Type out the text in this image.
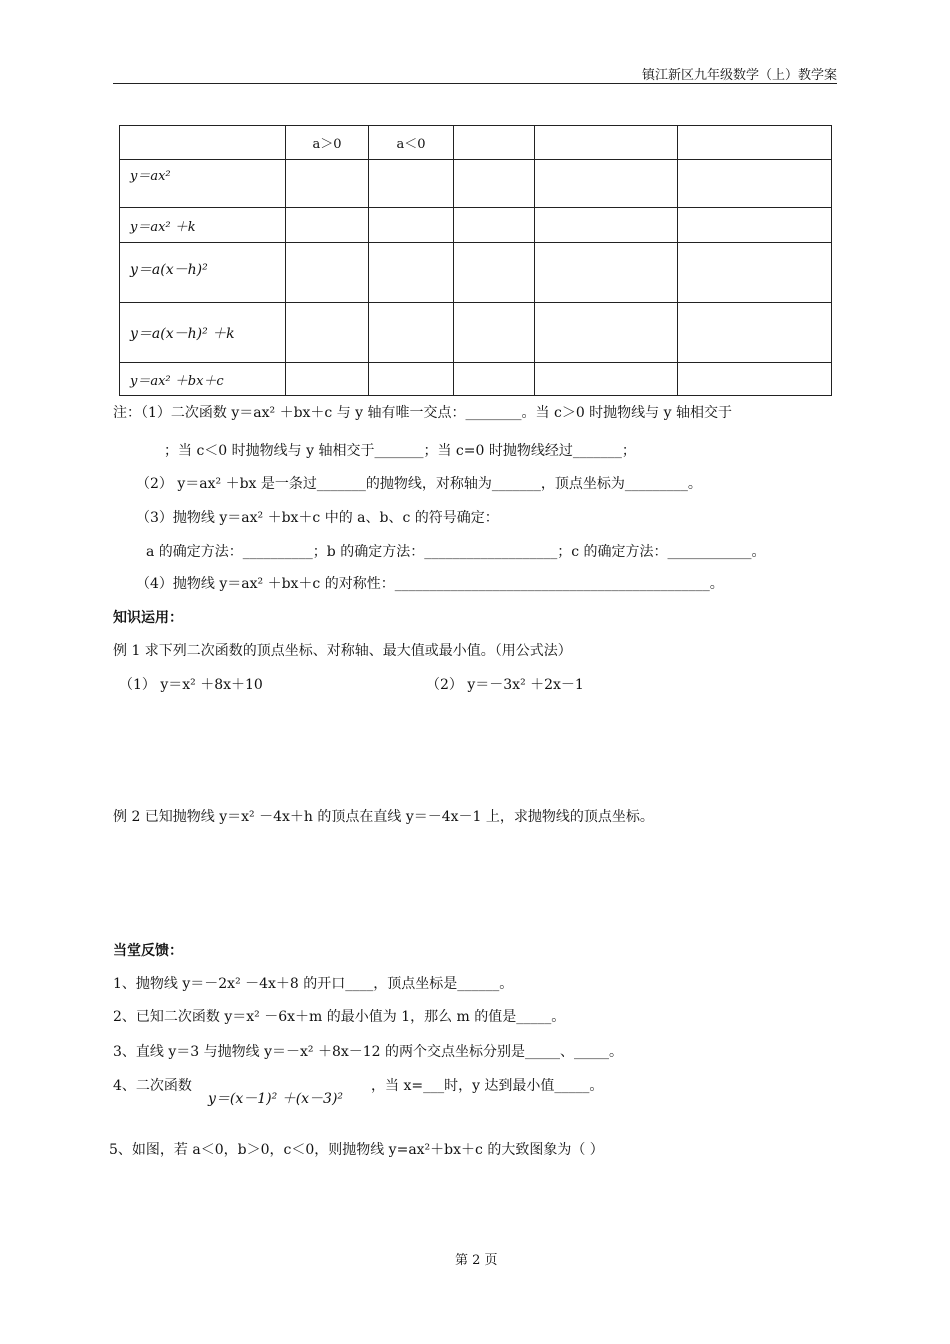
镇江新区九年级数学（上）教学案
	a＞0	a＜0			
y＝ax²					
y＝ax² ＋k					
y＝a(x－h)²					
y＝a(x－h)² ＋k					
y＝ax² ＋bx＋c					
注：（1）二次函数 y＝ax² ＋bx＋c 与 y 轴有唯一交点：________。当 c＞0 时抛物线与 y 轴相交于
；当 c＜0 时抛物线与 y 轴相交于_______；当 c=0 时抛物线经过_______；
（2） y＝ax² ＋bx 是一条过_______的抛物线，对称轴为_______，顶点坐标为_________。
（3）抛物线 y＝ax² ＋bx＋c 中的 a、b、c 的符号确定：
a 的确定方法：__________；b 的确定方法：___________________；c 的确定方法：____________。
（4）抛物线 y＝ax² ＋bx＋c 的对称性：_____________________________________________。
知识运用：
例 1 求下列二次函数的顶点坐标、对称轴、最大值或最小值。（用公式法）
（1） y＝x² ＋8x＋10	（2） y＝－3x² ＋2x－1
例 2 已知抛物线 y＝x² －4x＋h 的顶点在直线 y＝－4x－1 上，求抛物线的顶点坐标。
当堂反馈：
1、抛物线 y＝－2x² －4x＋8 的开口____，顶点坐标是______。
2、已知二次函数 y＝x² －6x＋m 的最小值为 1，那么 m 的值是_____。
3、直线 y＝3 与抛物线 y＝－x² ＋8x－12 的两个交点坐标分别是_____、_____。
4、二次函数
y＝(x－1)² ＋(x－3)²
，当 x=___时，y 达到最小值_____。
5、如图，若 a＜0，b＞0，c＜0，则抛物线 y=ax²＋bx＋c 的大致图象为（ ）
第 2 页
